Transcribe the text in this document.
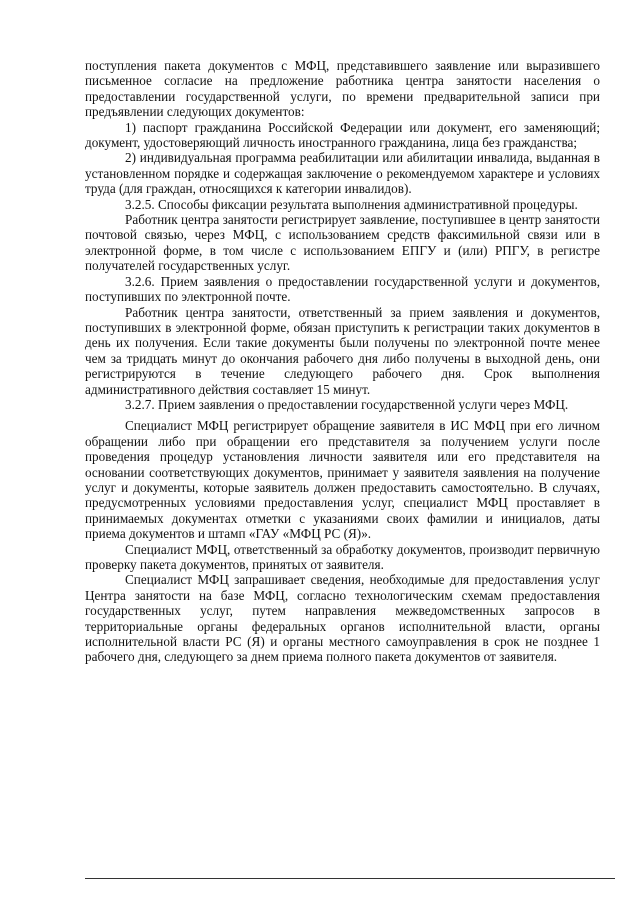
поступления пакета документов с МФЦ, представившего заявление или выразившего письменное согласие на предложение работника центра занятости населения о предоставлении государственной услуги, по времени предварительной записи при предъявлении следующих документов:

1) паспорт гражданина Российской Федерации или документ, его заменяющий; документ, удостоверяющий личность иностранного гражданина, лица без гражданства;

2) индивидуальная программа реабилитации или абилитации инвалида, выданная в установленном порядке и содержащая заключение о рекомендуемом характере и условиях труда (для граждан, относящихся к категории инвалидов).

3.2.5. Способы фиксации результата выполнения административной процедуры.

Работник центра занятости регистрирует заявление, поступившее в центр занятости почтовой связью, через МФЦ, с использованием средств факсимильной связи или в электронной форме, в том числе с использованием ЕПГУ и (или) РПГУ, в регистре получателей государственных услуг.

3.2.6. Прием заявления о предоставлении государственной услуги и документов, поступивших по электронной почте.

Работник центра занятости, ответственный за прием заявления и документов, поступивших в электронной форме, обязан приступить к регистрации таких документов в день их получения. Если такие документы были получены по электронной почте менее чем за тридцать минут до окончания рабочего дня либо получены в выходной день, они регистрируются в течение следующего рабочего дня. Срок выполнения административного действия составляет 15 минут.

3.2.7. Прием заявления о предоставлении государственной услуги через МФЦ.

Специалист МФЦ регистрирует обращение заявителя в ИС МФЦ при его личном обращении либо при обращении его представителя за получением услуги после проведения процедур установления личности заявителя или его представителя на основании соответствующих документов, принимает у заявителя заявления на получение услуг и документы, которые заявитель должен предоставить самостоятельно. В случаях, предусмотренных условиями предоставления услуг, специалист МФЦ проставляет в принимаемых документах отметки с указаниями своих фамилии и инициалов, даты приема документов и штамп «ГАУ «МФЦ РС (Я)».

Специалист МФЦ, ответственный за обработку документов, производит первичную проверку пакета документов, принятых от заявителя.

Специалист МФЦ запрашивает сведения, необходимые для предоставления услуг Центра занятости на базе МФЦ, согласно технологическим схемам предоставления государственных услуг, путем направления межведомственных запросов в территориальные органы федеральных органов исполнительной власти, органы исполнительной власти РС (Я) и органы местного самоуправления в срок не позднее 1 рабочего дня, следующего за днем приема полного пакета документов от заявителя.
